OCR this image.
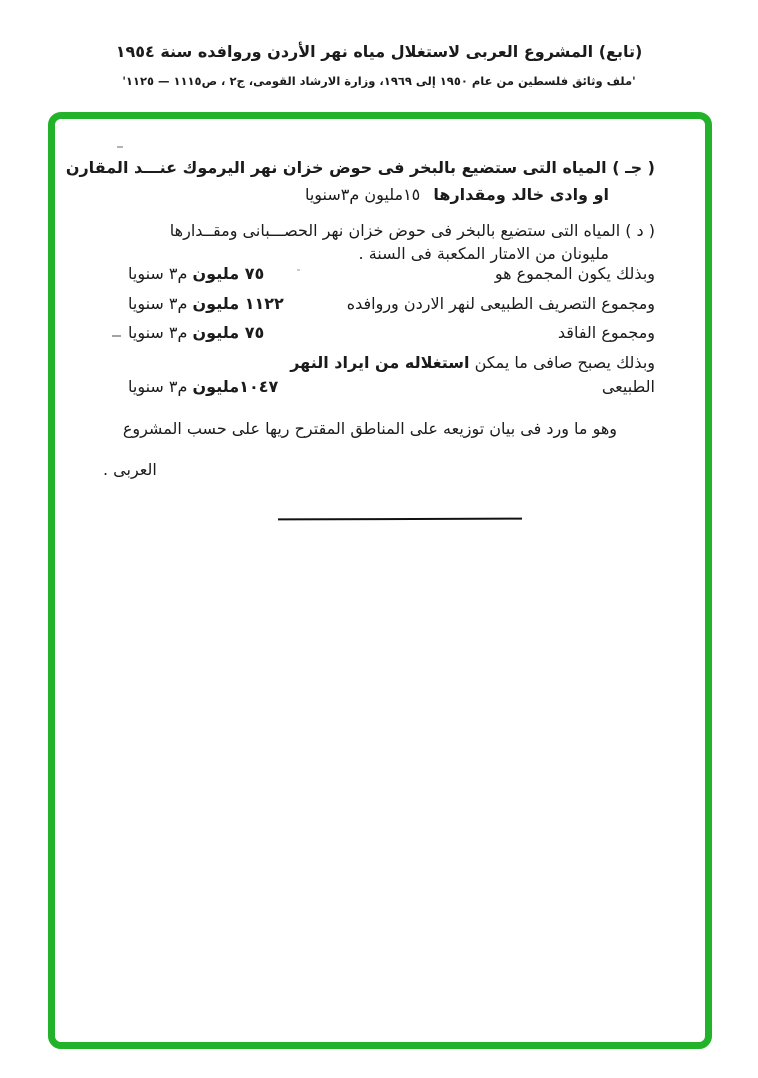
(تابع) المشروع العربى لاستغلال مياه نهر الأردن وروافده سنة ١٩٥٤
'ملف وثائق فلسطين من عام ١٩٥٠ إلى ١٩٦٩، وزارة الارشاد القومى، ج٢ ، ص١١١٥ — ١١٢٥'
( جـ ) المياه التى ستضيع بالبخر فى حوض خزان نهر اليرموك عنـــد المقارن
او وادى خالد ومقدارها ١٥مليون م٣سنويا
( د ) المياه التى ستضيع بالبخر فى حوض خزان نهر الحصـــبانى ومقــدارها
مليونان من الامتار المكعبة فى السنة .
وبذلك يكون المجموع هو
٧٥ مليون م٣ سنويا
ومجموع التصريف الطبيعى لنهر الاردن وروافده
١١٢٢ مليون م٣ سنويا
ومجموع الفاقد
٧٥ مليون م٣ سنويا
وبذلك يصبح صافى ما يمكن استغلاله من ايراد النهر
الطبيعى
١٠٤٧مليون م٣ سنويا
وهو ما ورد فى بيان توزيعه على المناطق المقترح ريها على حسب المشروع
العربى .
